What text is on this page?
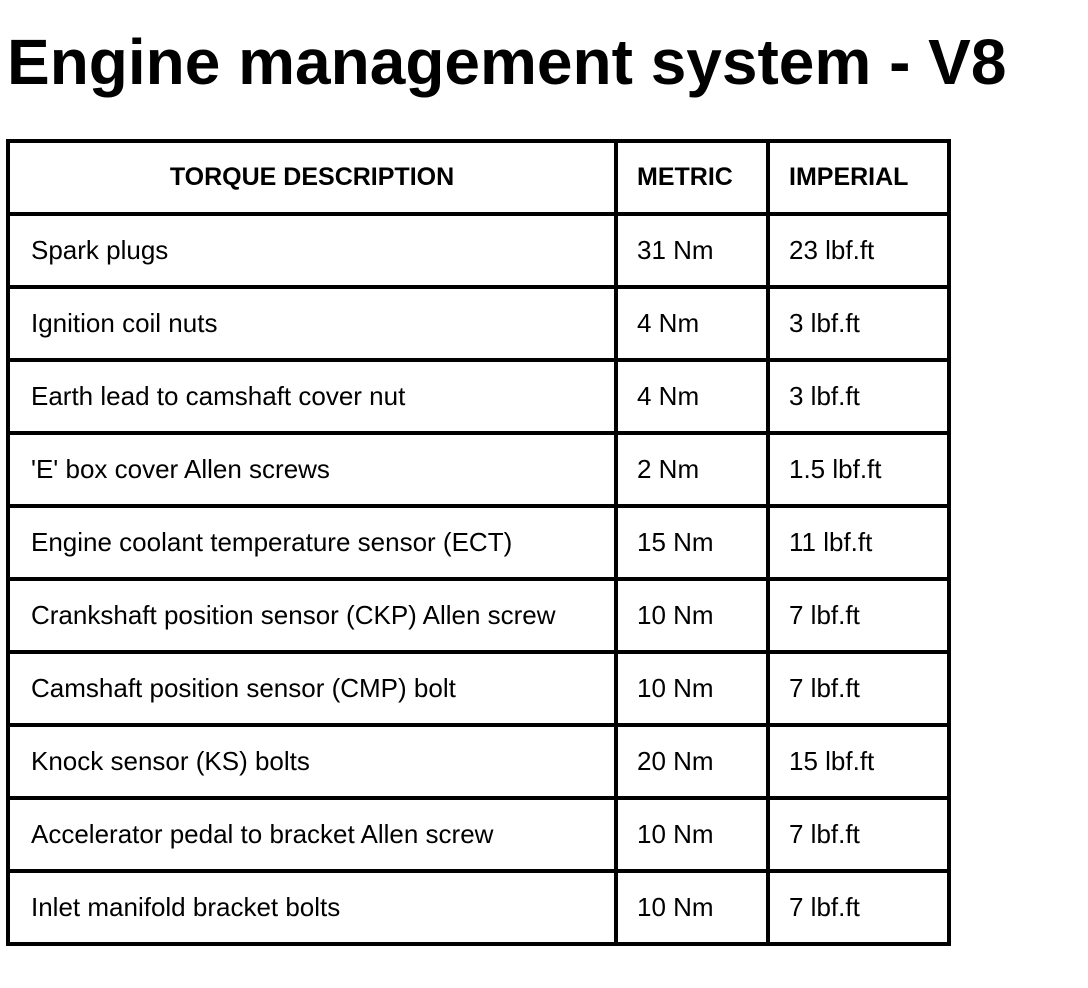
Engine management system - V8
TORQUE DESCRIPTION	METRIC	IMPERIAL
Spark plugs	31 Nm	23 lbf.ft
Ignition coil nuts	4 Nm	3 lbf.ft
Earth lead to camshaft cover nut	4 Nm	3 lbf.ft
'E' box cover Allen screws	2 Nm	1.5 lbf.ft
Engine coolant temperature sensor (ECT)	15 Nm	11 lbf.ft
Crankshaft position sensor (CKP) Allen screw	10 Nm	7 lbf.ft
Camshaft position sensor (CMP) bolt	10 Nm	7 lbf.ft
Knock sensor (KS) bolts	20 Nm	15 lbf.ft
Accelerator pedal to bracket Allen screw	10 Nm	7 lbf.ft
Inlet manifold bracket bolts	10 Nm	7 lbf.ft
